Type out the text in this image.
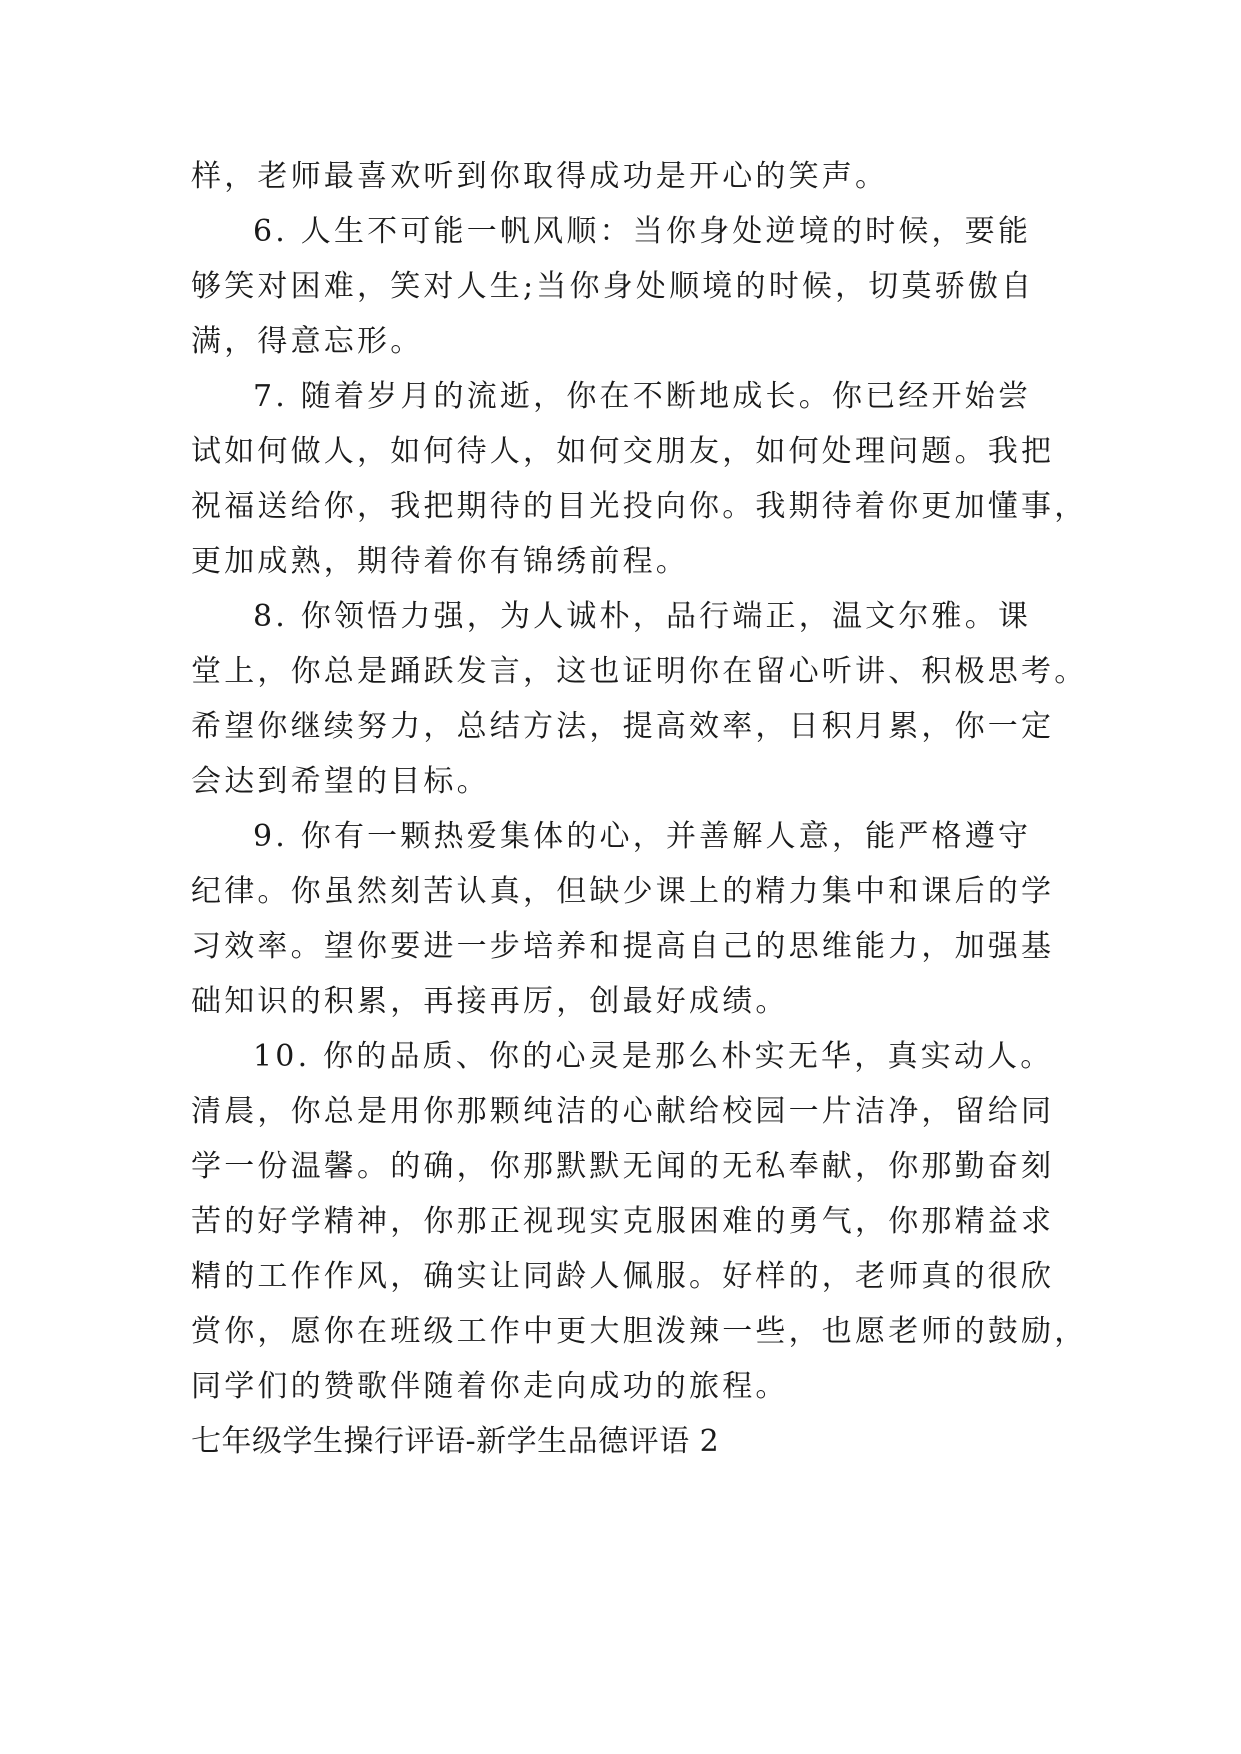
样，老师最喜欢听到你取得成功是开心的笑声。
6. 人生不可能一帆风顺：当你身处逆境的时候，要能
够笑对困难，笑对人生;当你身处顺境的时候，切莫骄傲自
满，得意忘形。
7. 随着岁月的流逝，你在不断地成长。你已经开始尝
试如何做人，如何待人，如何交朋友，如何处理问题。我把
祝福送给你，我把期待的目光投向你。我期待着你更加懂事，
更加成熟，期待着你有锦绣前程。
8. 你领悟力强，为人诚朴，品行端正，温文尔雅。课
堂上，你总是踊跃发言，这也证明你在留心听讲、积极思考。
希望你继续努力，总结方法，提高效率，日积月累，你一定
会达到希望的目标。
9. 你有一颗热爱集体的心，并善解人意，能严格遵守
纪律。你虽然刻苦认真，但缺少课上的精力集中和课后的学
习效率。望你要进一步培养和提高自己的思维能力，加强基
础知识的积累，再接再厉，创最好成绩。
10. 你的品质、你的心灵是那么朴实无华，真实动人。
清晨，你总是用你那颗纯洁的心献给校园一片洁净，留给同
学一份温馨。的确，你那默默无闻的无私奉献，你那勤奋刻
苦的好学精神，你那正视现实克服困难的勇气，你那精益求
精的工作作风，确实让同龄人佩服。好样的，老师真的很欣
赏你，愿你在班级工作中更大胆泼辣一些，也愿老师的鼓励，
同学们的赞歌伴随着你走向成功的旅程。
七年级学生操行评语-新学生品德评语 2
